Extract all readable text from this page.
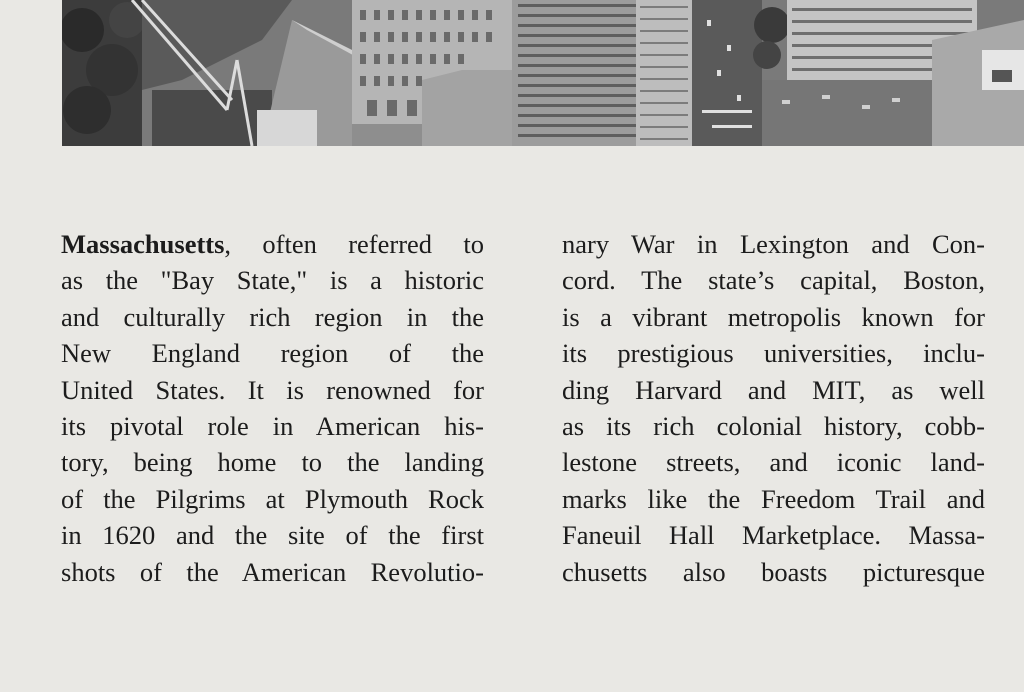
Massachusetts, often referred to
as the "Bay State," is a historic
and culturally rich region in the
New England region of the
United States. It is renowned for
its pivotal role in American his-
tory, being home to the landing
of the Pilgrims at Plymouth Rock
in 1620 and the site of the first
shots of the American Revolutio-
nary War in Lexington and Con-
cord. The state’s capital, Boston,
is a vibrant metropolis known for
its prestigious universities, inclu-
ding Harvard and MIT, as well
as its rich colonial history, cobb-
lestone streets, and iconic land-
marks like the Freedom Trail and
Faneuil Hall Marketplace. Massa-
chusetts also boasts picturesque
